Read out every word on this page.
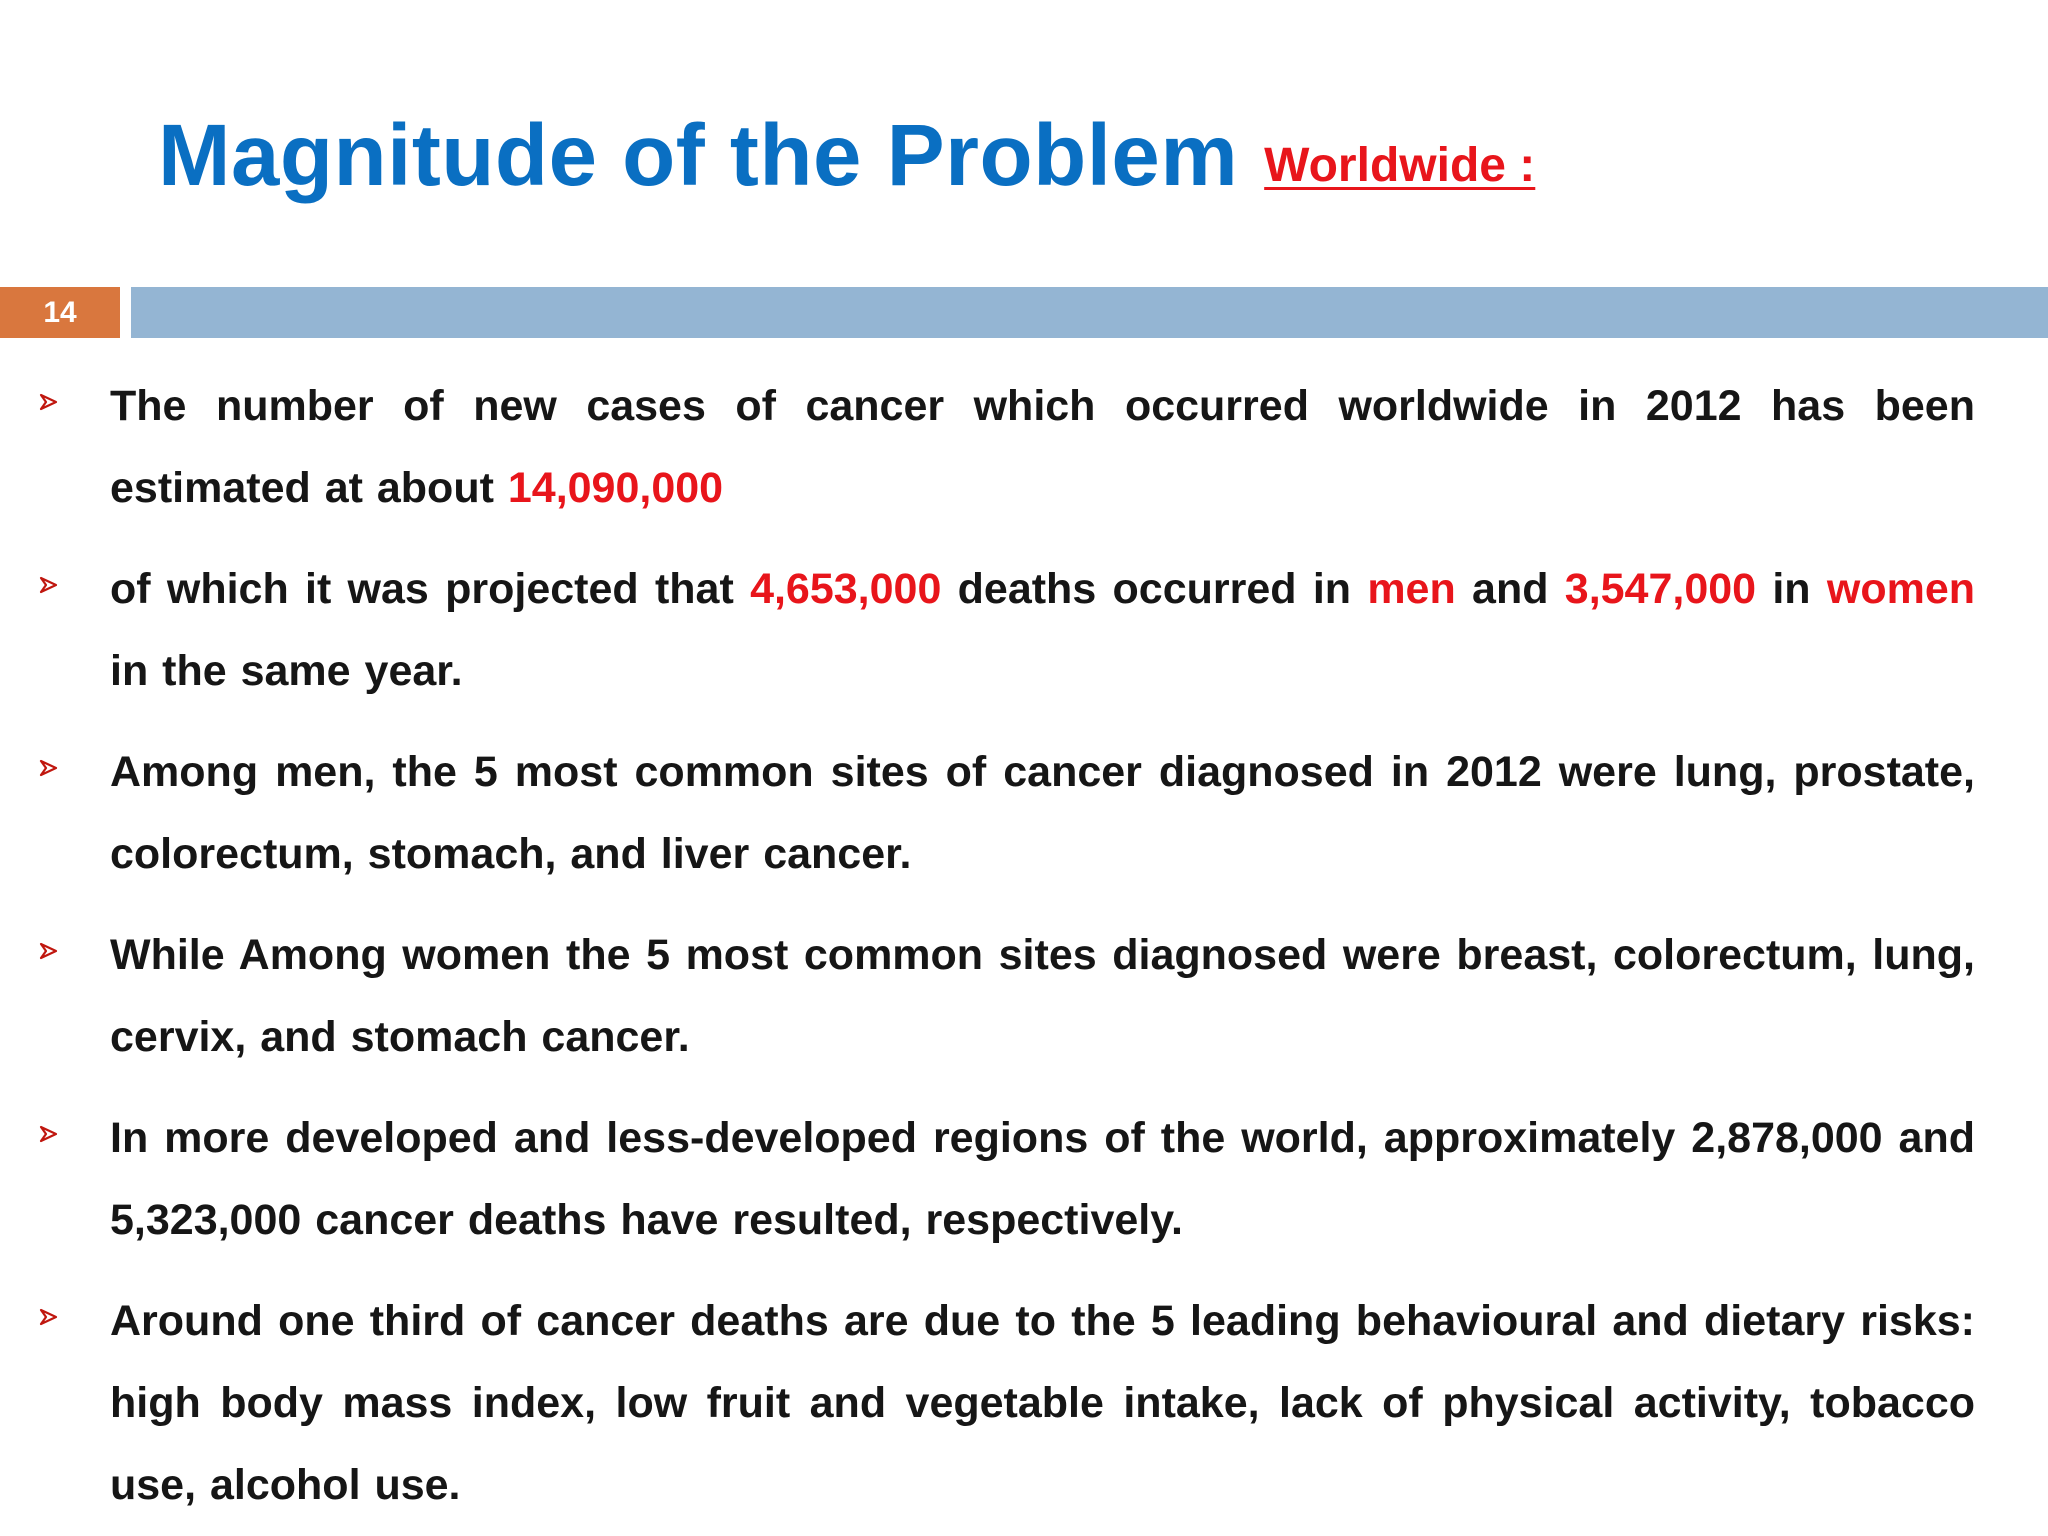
Magnitude of the Problem Worldwide :
14
The number of new cases of cancer which occurred worldwide in 2012 has been estimated at about 14,090,000
of which it was projected that 4,653,000 deaths occurred in men and 3,547,000 in women in the same year.
Among men, the 5 most common sites of cancer diagnosed in 2012 were lung, prostate, colorectum, stomach, and liver cancer.
While Among women the 5 most common sites diagnosed were breast, colorectum, lung, cervix, and stomach cancer.
In more developed and less-developed regions of the world, approximately 2,878,000 and 5,323,000 cancer deaths have resulted, respectively.
Around one third of cancer deaths are due to the 5 leading behavioural and dietary risks: high body mass index, low fruit and vegetable intake, lack of physical activity, tobacco use, alcohol use.
